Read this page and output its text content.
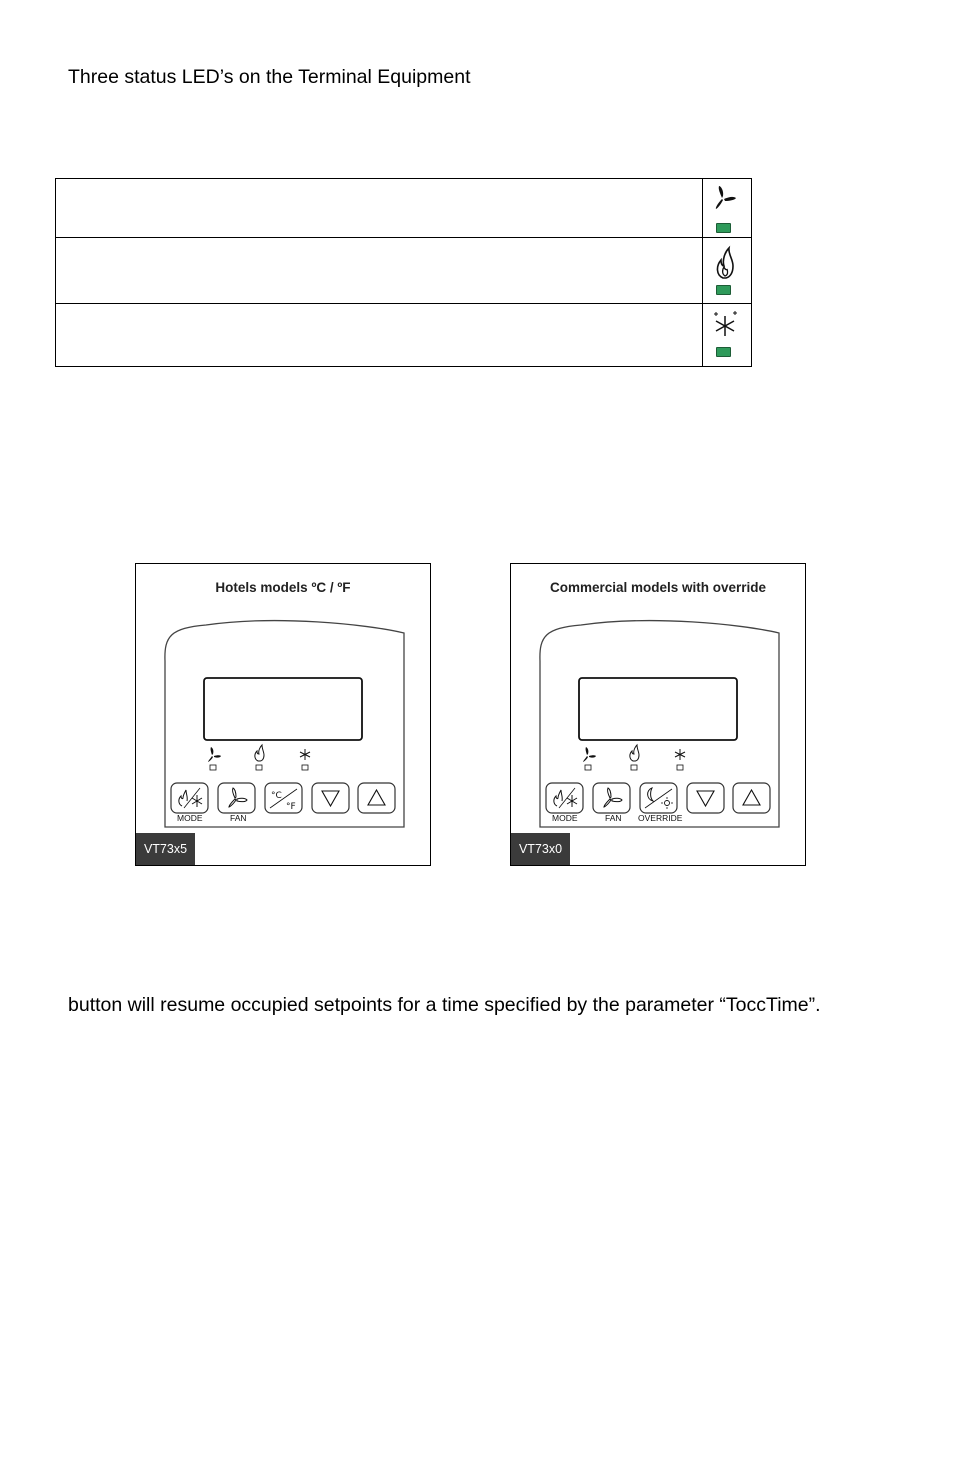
Three status LED’s on the Terminal Equipment
°C
°F
Hotels models ºC / ºF
MODE	FAN
VT73x5
Commercial models with override
MODE	FAN OVERRIDE
VT73x0
button will resume occupied setpoints for a time specified by the parameter “ToccTime”.
